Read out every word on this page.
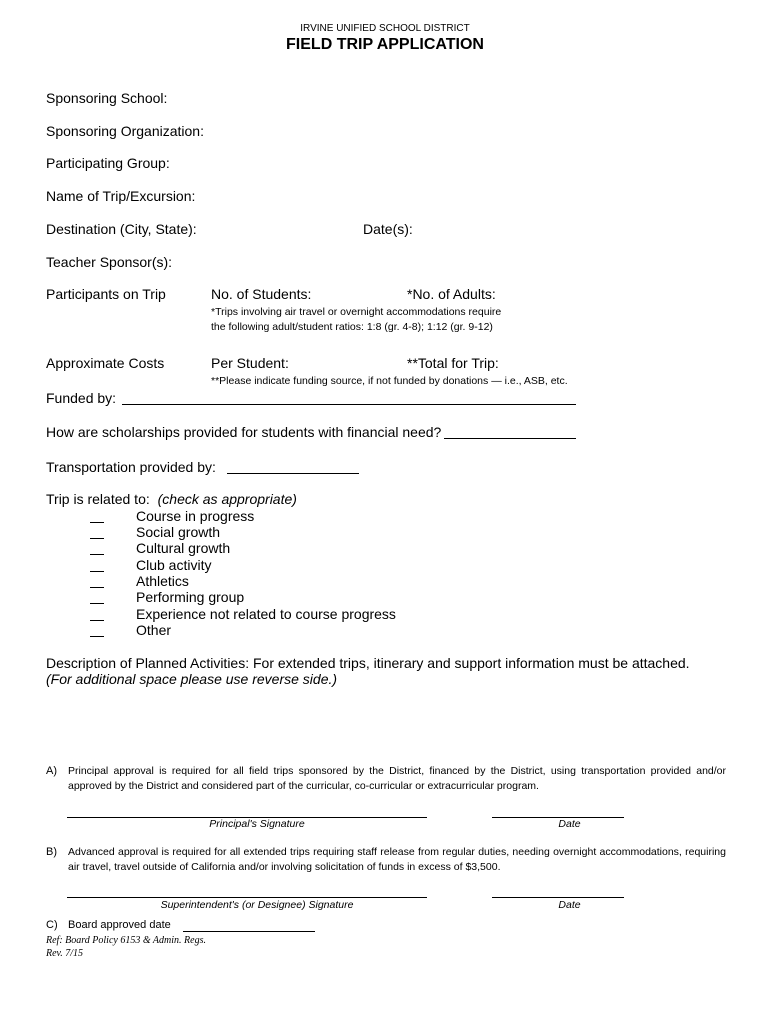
IRVINE UNIFIED SCHOOL DISTRICT
FIELD TRIP APPLICATION
Sponsoring School:
Sponsoring Organization:
Participating Group:
Name of Trip/Excursion:
Destination (City, State):	Date(s):
Teacher Sponsor(s):
Participants on Trip	No. of Students:	*No. of Adults:
*Trips involving air travel or overnight accommodations require
the following adult/student ratios: 1:8 (gr. 4-8); 1:12 (gr. 9-12)
Approximate Costs	Per Student:	**Total for Trip:
**Please indicate funding source, if not funded by donations — i.e., ASB, etc.
Funded by:
How are scholarships provided for students with financial need?
Transportation provided by:
Trip is related to: (check as appropriate)
Course in progress
Social growth
Cultural growth
Club activity
Athletics
Performing group
Experience not related to course progress
Other
Description of Planned Activities: For extended trips, itinerary and support information must be attached.
(For additional space please use reverse side.)
A) Principal approval is required for all field trips sponsored by the District, financed by the District, using transportation provided and/or approved by the District and considered part of the curricular, co-curricular or extracurricular program.
Principal's Signature	Date
B) Advanced approval is required for all extended trips requiring staff release from regular duties, needing overnight accommodations, requiring air travel, travel outside of California and/or involving solicitation of funds in excess of $3,500.
Superintendent's (or Designee) Signature	Date
C) Board approved date
Ref: Board Policy 6153 & Admin. Regs.
Rev. 7/15
